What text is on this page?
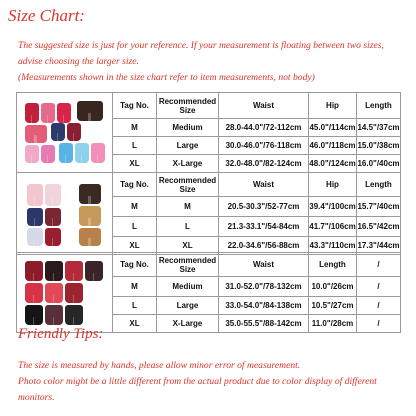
Size Chart:
The suggested size is just for your reference. If your measurement is floating between two sizes, advise choosing the larger size.
(Measurements shown in the size chart refer to item measurements, not body)
	Tag No.	Recommended Size	Waist	Hip	Length
	M	Medium	28.0-44.0"/72-112cm	45.0"/114cm	14.5"/37cm
	L	Large	30.0-46.0"/76-118cm	46.0"/118cm	15.0"/38cm
	XL	X-Large	32.0-48.0"/82-124cm	48.0"/124cm	16.0"/40cm
	Tag No.	Recommended Size	Waist	Hip	Length
	M	M	20.5-30.3"/52-77cm	39.4"/100cm	15.7"/40cm
	L	L	21.3-33.1"/54-84cm	41.7"/106cm	16.5"/42cm
	XL	XL	22.0-34.6"/56-88cm	43.3"/110cm	17.3"/44cm
	Tag No.	Recommended Size	Waist	Length	/
	M	Medium	31.0-52.0"/78-132cm	10.0"/26cm	/
	L	Large	33.0-54.0"/84-138cm	10.5"/27cm	/
	XL	X-Large	35.0-55.5"/88-142cm	11.0"/28cm	/
Friendly Tips:
The size is measured by hands, please allow minor error of measurement.
Photo color might be a little different from the actual product due to color display of different monitors.
